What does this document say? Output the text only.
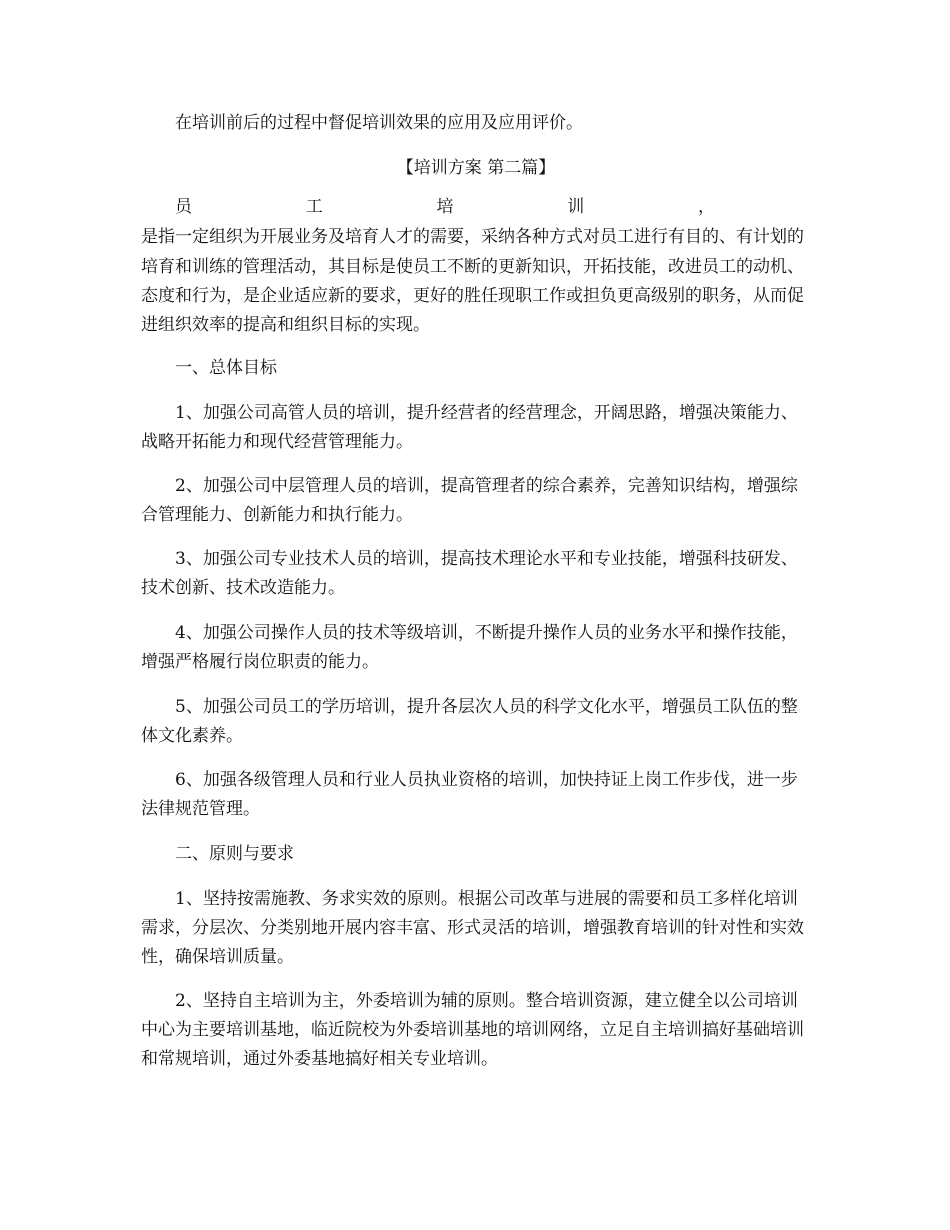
在培训前后的过程中督促培训效果的应用及应用评价。
【培训方案 第二篇】
员	工	培	训	，
是指一定组织为开展业务及培育人才的需要，采纳各种方式对员工进行有目的、有计划的
培育和训练的管理活动，其目标是使员工不断的更新知识，开拓技能，改进员工的动机、
态度和行为，是企业适应新的要求，更好的胜任现职工作或担负更高级别的职务，从而促
进组织效率的提高和组织目标的实现。
一、总体目标
1、加强公司高管人员的培训，提升经营者的经营理念，开阔思路，增强决策能力、
战略开拓能力和现代经营管理能力。
2、加强公司中层管理人员的培训，提高管理者的综合素养，完善知识结构，增强综
合管理能力、创新能力和执行能力。
3、加强公司专业技术人员的培训，提高技术理论水平和专业技能，增强科技研发、
技术创新、技术改造能力。
4、加强公司操作人员的技术等级培训，不断提升操作人员的业务水平和操作技能，
增强严格履行岗位职责的能力。
5、加强公司员工的学历培训，提升各层次人员的科学文化水平，增强员工队伍的整
体文化素养。
6、加强各级管理人员和行业人员执业资格的培训，加快持证上岗工作步伐，进一步
法律规范管理。
二、原则与要求
1、坚持按需施教、务求实效的原则。根据公司改革与进展的需要和员工多样化培训
需求，分层次、分类别地开展内容丰富、形式灵活的培训，增强教育培训的针对性和实效
性，确保培训质量。
2、坚持自主培训为主，外委培训为辅的原则。整合培训资源，建立健全以公司培训
中心为主要培训基地，临近院校为外委培训基地的培训网络，立足自主培训搞好基础培训
和常规培训，通过外委基地搞好相关专业培训。
